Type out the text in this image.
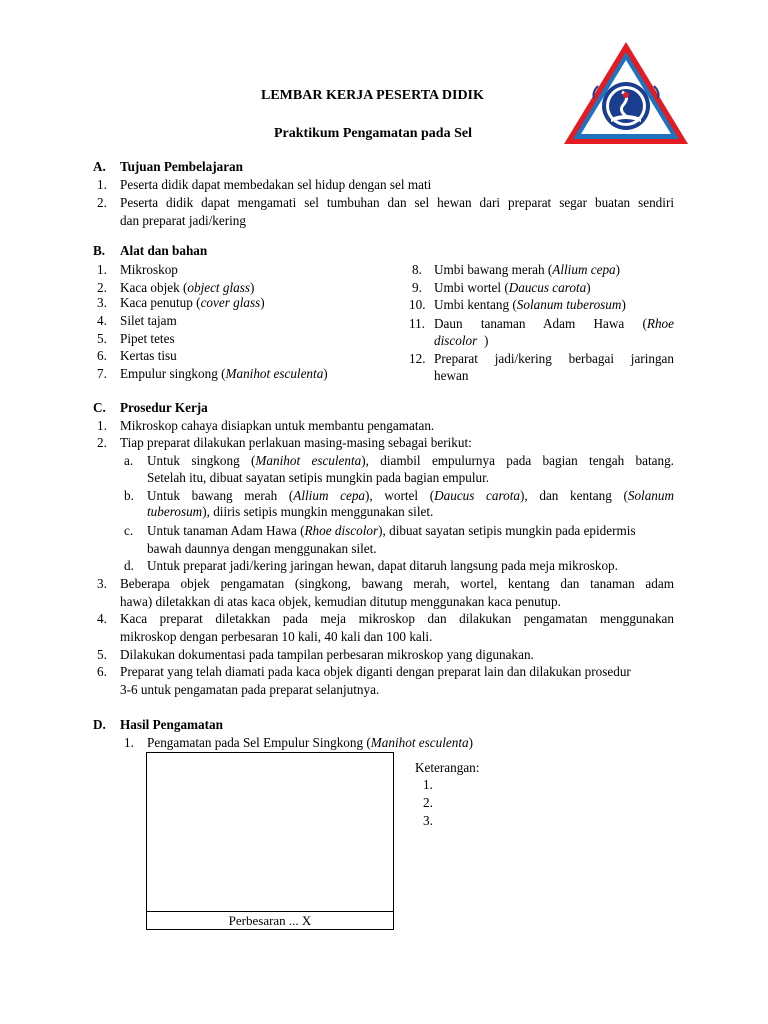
LEMBAR KERJA PESERTA DIDIK
Praktikum Pengamatan pada Sel
A. Tujuan Pembelajaran
1. Peserta didik dapat membedakan sel hidup dengan sel mati
2. Peserta didik dapat mengamati sel tumbuhan dan sel hewan dari preparat segar buatan sendiri
dan preparat jadi/kering
B. Alat dan bahan
1. Mikroskop
2. Kaca objek (object glass)
3. Kaca penutup (cover glass)
4. Silet tajam
5. Pipet tetes
6. Kertas tisu
7. Empulur singkong (Manihot esculenta)
8. Umbi bawang merah (Allium cepa)
9. Umbi wortel (Daucus carota)
10. Umbi kentang (Solanum tuberosum)
11. Daun tanaman Adam Hawa (Rhoe
discolor )
12. Preparat jadi/kering berbagai jaringan
hewan
C. Prosedur Kerja
1. Mikroskop cahaya disiapkan untuk membantu pengamatan.
2. Tiap preparat dilakukan perlakuan masing-masing sebagai berikut:
a. Untuk singkong (Manihot esculenta), diambil empulurnya pada bagian tengah batang.
Setelah itu, dibuat sayatan setipis mungkin pada bagian empulur.
b. Untuk bawang merah (Allium cepa), wortel (Daucus carota), dan kentang (Solanum
tuberosum), diiris setipis mungkin menggunakan silet.
c. Untuk tanaman Adam Hawa (Rhoe discolor), dibuat sayatan setipis mungkin pada epidermis
bawah daunnya dengan menggunakan silet.
d. Untuk preparat jadi/kering jaringan hewan, dapat ditaruh langsung pada meja mikroskop.
3. Beberapa objek pengamatan (singkong, bawang merah, wortel, kentang dan tanaman adam
hawa) diletakkan di atas kaca objek, kemudian ditutup menggunakan kaca penutup.
4. Kaca preparat diletakkan pada meja mikroskop dan dilakukan pengamatan menggunakan
mikroskop dengan perbesaran 10 kali, 40 kali dan 100 kali.
5. Dilakukan dokumentasi pada tampilan perbesaran mikroskop yang digunakan.
6. Preparat yang telah diamati pada kaca objek diganti dengan preparat lain dan dilakukan prosedur
3-6 untuk pengamatan pada preparat selanjutnya.
D. Hasil Pengamatan
1. Pengamatan pada Sel Empulur Singkong (Manihot esculenta)
Perbesaran ... X
Keterangan:
1.
2.
3.
